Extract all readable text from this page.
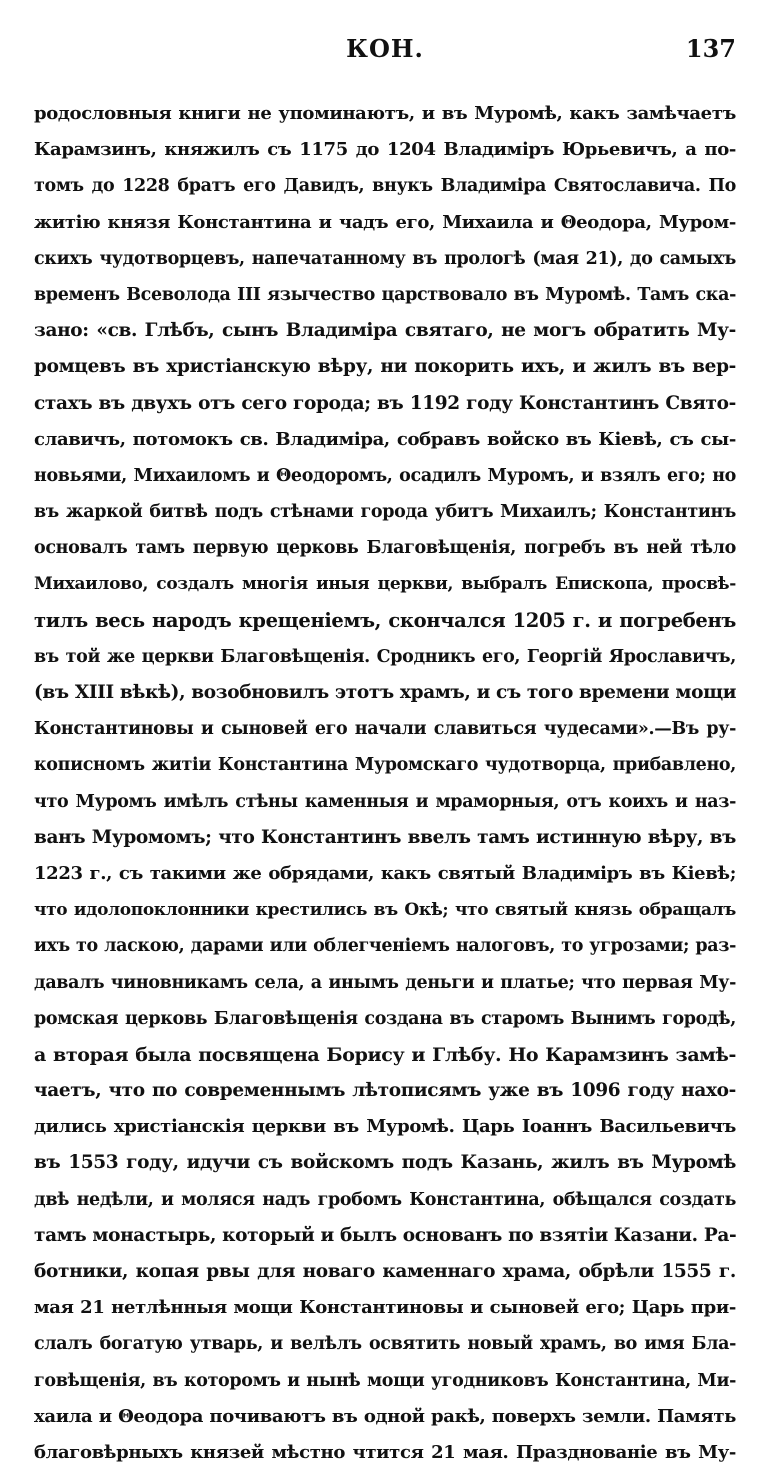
КОН.	137
родословныя книги не упоминаютъ, и въ Муромѣ, какъ замѣчаетъ
Карамзинъ, княжилъ съ 1175 до 1204 Владиміръ Юрьевичъ, а по-
томъ до 1228 братъ его Давидъ, внукъ Владиміра Святославича. По
житію князя Константина и чадъ его, Михаила и Θеодора, Муром-
скихъ чудотворцевъ, напечатанному въ прологѣ (мая 21), до самыхъ
временъ Всеволода III язычество царствовало въ Муромѣ. Тамъ ска-
зано: «св. Глѣбъ, сынъ Владиміра святаго, не могъ обратить Му-
ромцевъ въ христіанскую вѣру, ни покорить ихъ, и жилъ въ вер-
стахъ въ двухъ отъ сего города; въ 1192 году Константинъ Свято-
славичъ, потомокъ св. Владиміра, собравъ войско въ Кіевѣ, съ сы-
новьями, Михаиломъ и Θеодоромъ, осадилъ Муромъ, и взялъ его; но
въ жаркой битвѣ подъ стѣнами города убитъ Михаилъ; Константинъ
основалъ тамъ первую церковь Благовѣщенія, погребъ въ ней тѣло
Михаилово, создалъ многія иныя церкви, выбралъ Епископа, просвѣ-
тилъ весь народъ крещеніемъ, скончался 1205 г. и погребенъ
въ той же церкви Благовѣщенія. Сродникъ его, Георгій Ярославичъ,
(въ XIII вѣкѣ), возобновилъ этотъ храмъ, и съ того времени мощи
Константиновы и сыновей его начали славиться чудесами».—Въ ру-
кописномъ житіи Константина Муромскаго чудотворца, прибавлено,
что Муромъ имѣлъ стѣны каменныя и мраморныя, отъ коихъ и наз-
ванъ Муромомъ; что Константинъ ввелъ тамъ истинную вѣру, въ
1223 г., съ такими же обрядами, какъ святый Владиміръ въ Кіевѣ;
что идолопоклонники крестились въ Окѣ; что святый князь обращалъ
ихъ то ласкою, дарами или облегченіемъ налоговъ, то угрозами; раз-
давалъ чиновникамъ села, а инымъ деньги и платье; что первая Му-
ромская церковь Благовѣщенія создана въ старомъ Вынимъ городѣ,
а вторая была посвящена Борису и Глѣбу. Но Карамзинъ замѣ-
чаетъ, что по современнымъ лѣтописямъ уже въ 1096 году нахо-
дились христіанскія церкви въ Муромѣ. Царь Іоаннъ Васильевичъ
въ 1553 году, идучи съ войскомъ подъ Казань, жилъ въ Муромѣ
двѣ недѣли, и моляся надъ гробомъ Константина, обѣщался создать
тамъ монастырь, который и былъ основанъ по взятіи Казани. Ра-
ботники, копая рвы для новаго каменнаго храма, обрѣли 1555 г.
мая 21 нетлѣнныя мощи Константиновы и сыновей его; Царь при-
слалъ богатую утварь, и велѣлъ освятить новый храмъ, во имя Бла-
говѣщенія, въ которомъ и нынѣ мощи угодниковъ Константина, Ми-
хаила и Θеодора почиваютъ въ одной ракѣ, поверхъ земли. Память
благовѣрныхъ князей мѣстно чтится 21 мая. Празднованіе въ Му-
